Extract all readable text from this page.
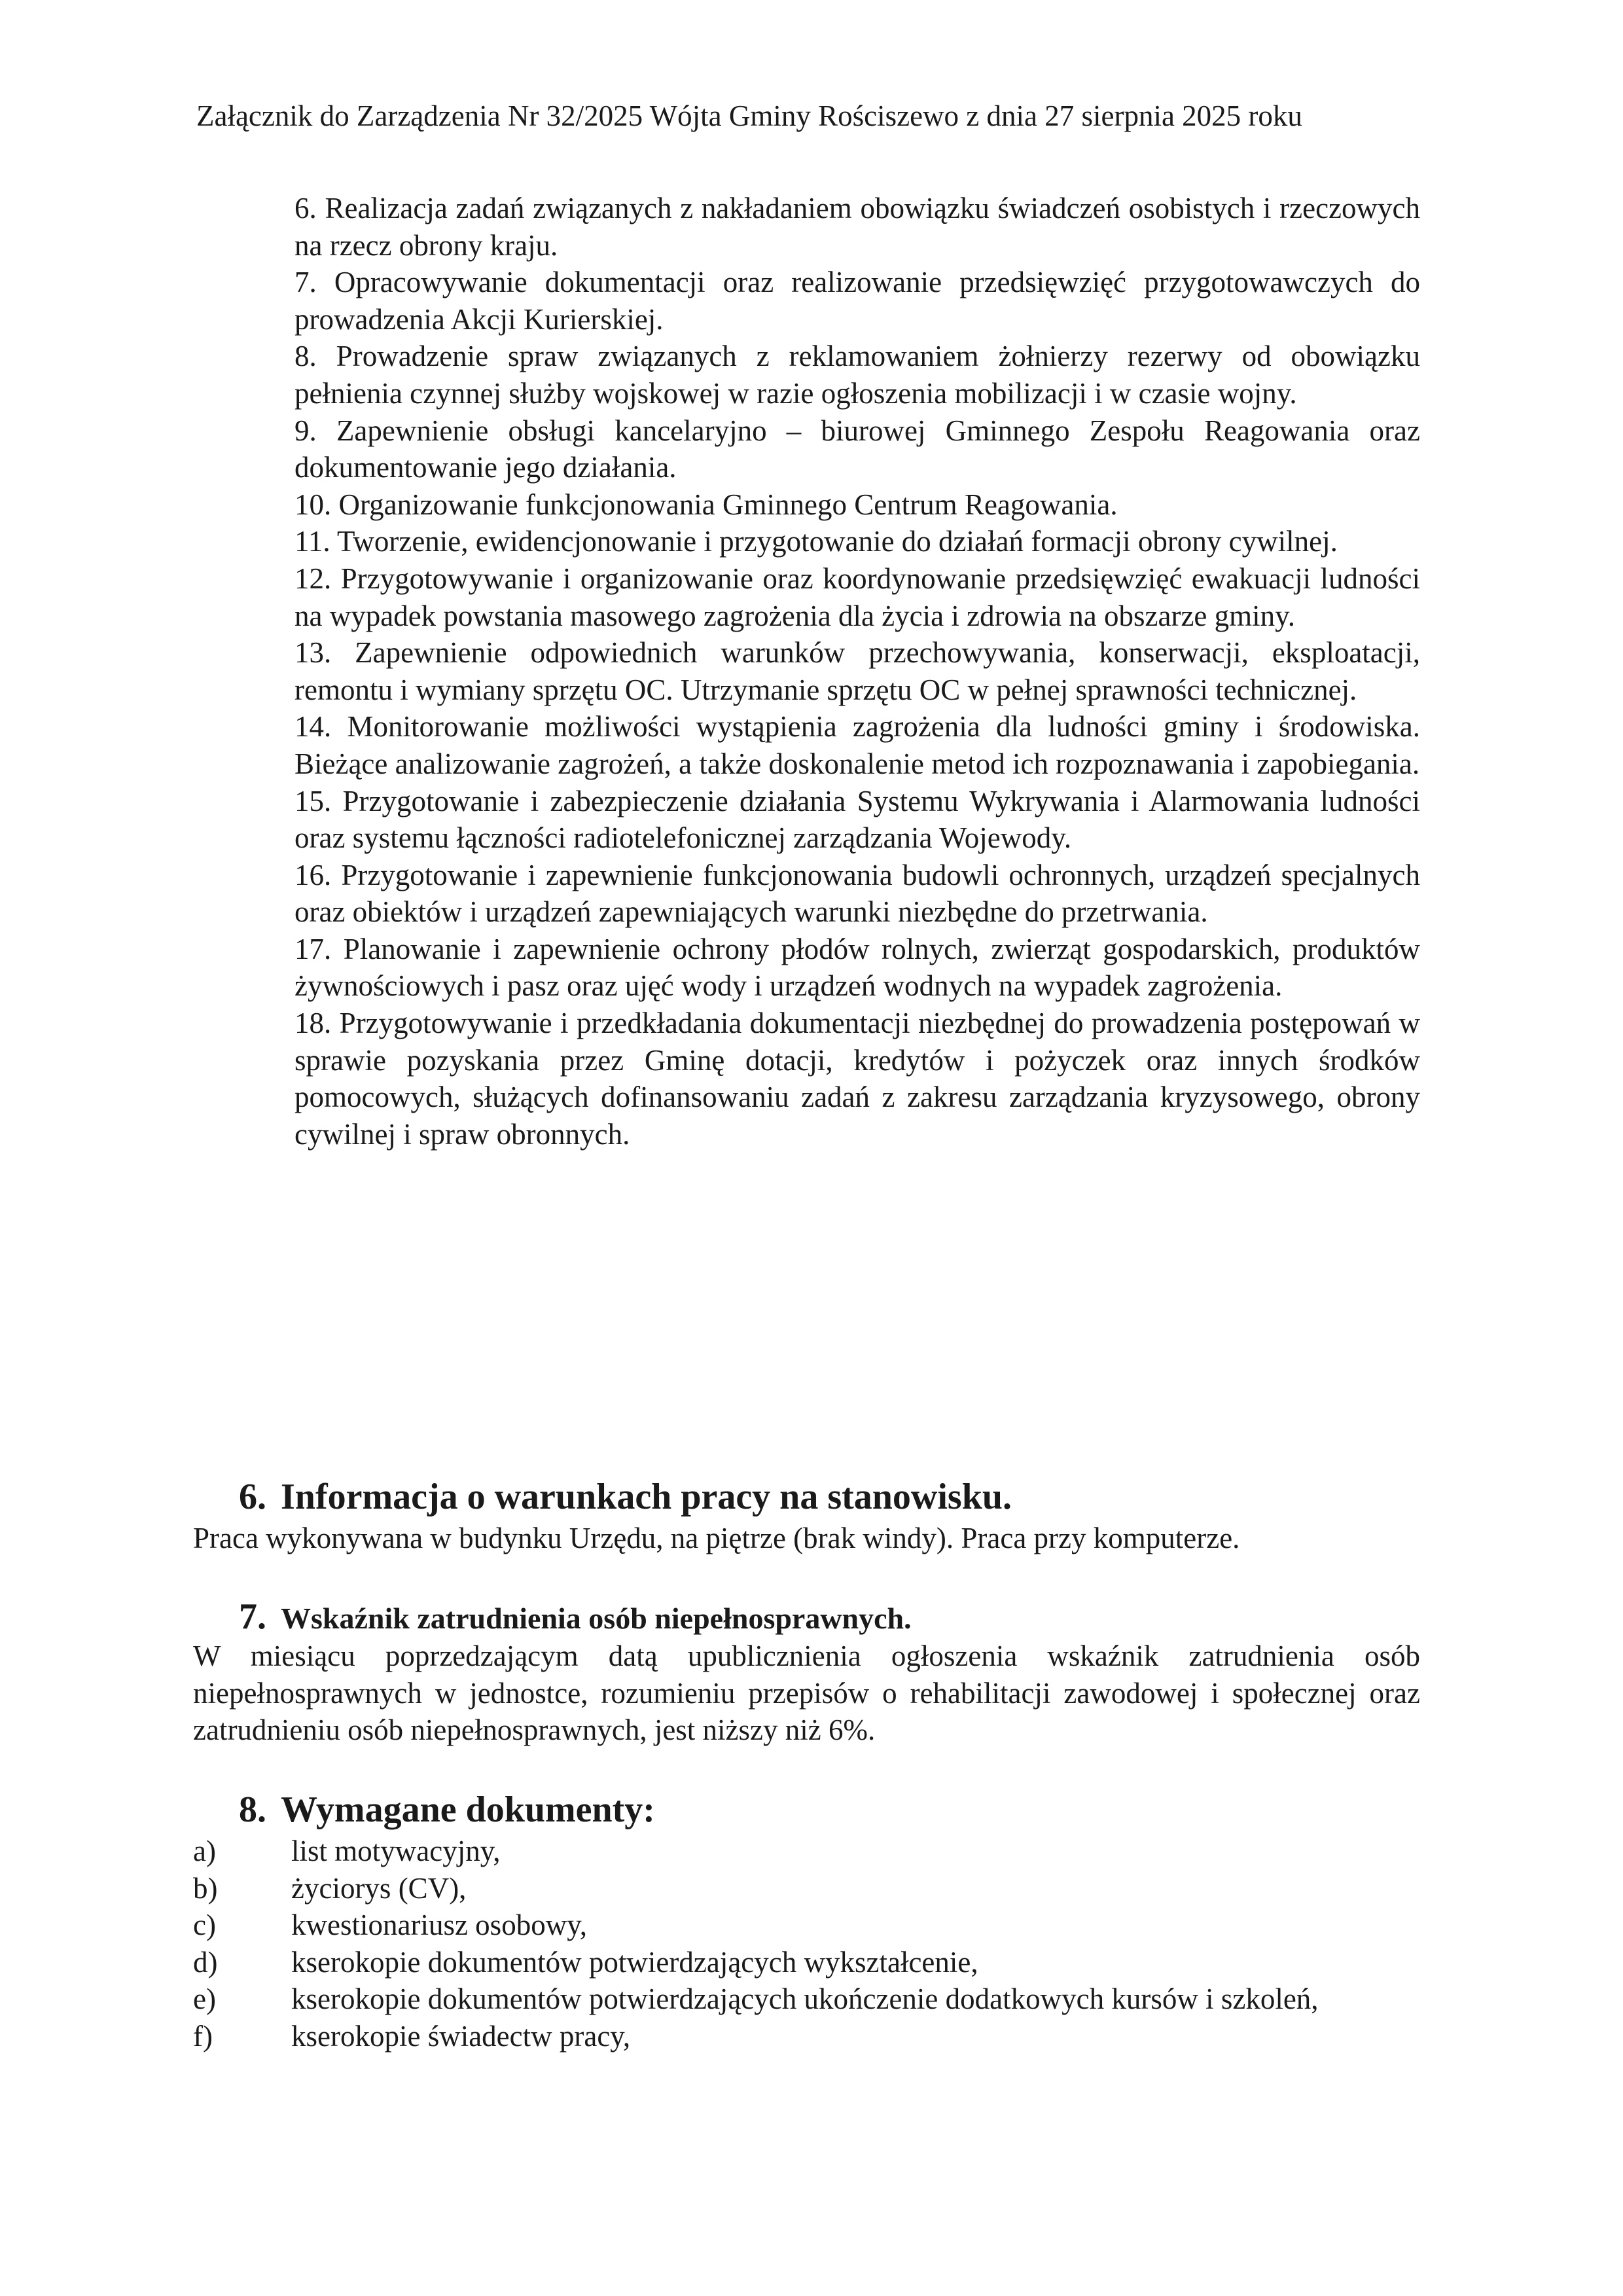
Załącznik do Zarządzenia Nr 32/2025 Wójta Gminy Rościszewo z dnia 27 sierpnia 2025 roku

6. Realizacja zadań związanych z nakładaniem obowiązku świadczeń osobistych i rzeczowych na rzecz obrony kraju.

7. Opracowywanie dokumentacji oraz realizowanie przedsięwzięć przygotowawczych do prowadzenia Akcji Kurierskiej.

8. Prowadzenie spraw związanych z reklamowaniem żołnierzy rezerwy od obowiązku pełnienia czynnej służby wojskowej w razie ogłoszenia mobilizacji i w czasie wojny.

9. Zapewnienie obsługi kancelaryjno – biurowej Gminnego Zespołu Reagowania oraz dokumentowanie jego działania.

10. Organizowanie funkcjonowania Gminnego Centrum Reagowania.

11. Tworzenie, ewidencjonowanie i przygotowanie do działań formacji obrony cywilnej.

12. Przygotowywanie i organizowanie oraz koordynowanie przedsięwzięć ewakuacji ludności na wypadek powstania masowego zagrożenia dla życia i zdrowia na obszarze gminy.

13. Zapewnienie odpowiednich warunków przechowywania, konserwacji, eksploatacji, remontu i wymiany sprzętu OC. Utrzymanie sprzętu OC w pełnej sprawności technicznej.

14. Monitorowanie możliwości wystąpienia zagrożenia dla ludności gminy i środowiska. Bieżące analizowanie zagrożeń, a także doskonalenie metod ich rozpoznawania i zapobiegania.

15. Przygotowanie i zabezpieczenie działania Systemu Wykrywania i Alarmowania ludności oraz systemu łączności radiotelefonicznej zarządzania Wojewody.

16. Przygotowanie i zapewnienie funkcjonowania budowli ochronnych, urządzeń specjalnych oraz obiektów i urządzeń zapewniających warunki niezbędne do przetrwania.

17. Planowanie i zapewnienie ochrony płodów rolnych, zwierząt gospodarskich, produktów żywnościowych i pasz oraz ujęć wody i urządzeń wodnych na wypadek zagrożenia.

18. Przygotowywanie i przedkładania dokumentacji niezbędnej do prowadzenia postępowań w sprawie pozyskania przez Gminę dotacji, kredytów i pożyczek oraz innych środków pomocowych, służących dofinansowaniu zadań z zakresu zarządzania kryzysowego, obrony cywilnej i spraw obronnych.

6. Informacja o warunkach pracy na stanowisku.
Praca wykonywana w budynku Urzędu, na piętrze (brak windy). Praca przy komputerze.
7. Wskaźnik zatrudnienia osób niepełnosprawnych.
W miesiącu poprzedzającym datą upublicznienia ogłoszenia wskaźnik zatrudnienia osób niepełnosprawnych w jednostce, rozumieniu przepisów o rehabilitacji zawodowej i społecznej oraz zatrudnieniu osób niepełnosprawnych, jest niższy niż 6%.
8. Wymagane dokumenty:
a)	list motywacyjny,
b)	życiorys (CV),
c)	kwestionariusz osobowy,
d)	kserokopie dokumentów potwierdzających wykształcenie,
e)	kserokopie dokumentów potwierdzających ukończenie dodatkowych kursów i szkoleń,
f)	kserokopie świadectw pracy,
